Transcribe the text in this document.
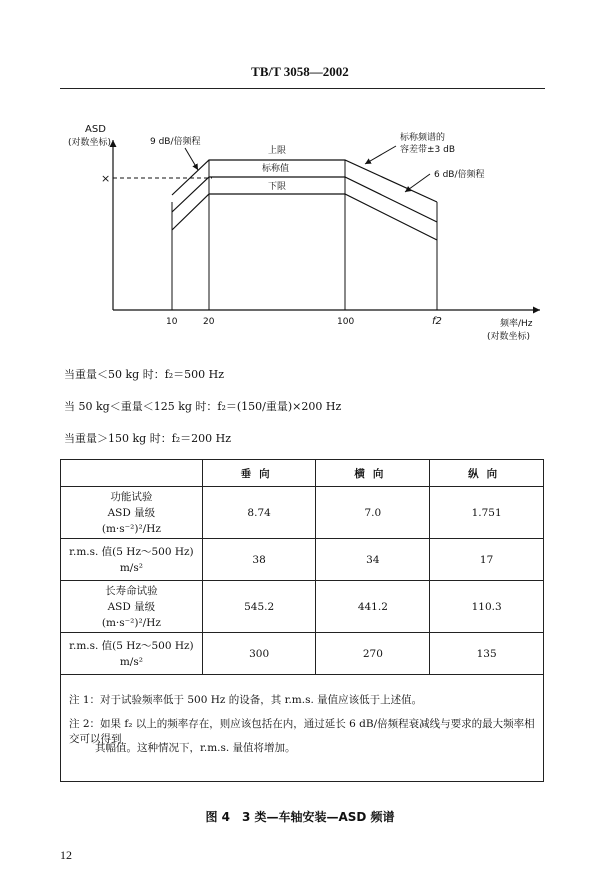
TB/T 3058—2002
ASD
(对数坐标)
频率/Hz
(对数坐标)
10	20	100	f2
×
上限
标称值
下限
9 dB/倍频程	标称频谱的
容差带±3 dB
6 dB/倍频程
当重量＜50 kg 时：f₂＝500 Hz
当 50 kg＜重量＜125 kg 时：f₂＝(150/重量)×200 Hz
当重量＞150 kg 时：f₂＝200 Hz
	垂向	横向	纵向

功能试验
ASD 量级
(m·s⁻²)²/Hz	8.74	7.0	1.751

r.m.s. 值(5 Hz～500 Hz)
m/s²	38	34	17

长寿命试验
ASD 量级
(m·s⁻²)²/Hz	545.2	441.2	110.3

r.m.s. 值(5 Hz～500 Hz)
m/s²	300	270	135
注 1：对于试验频率低于 500 Hz 的设备，其 r.m.s. 量值应该低于上述值。
注 2：如果 f₂ 以上的频率存在，则应该包括在内，通过延长 6 dB/倍频程衰减线与要求的最大频率相交可以得到
其幅值。这种情况下，r.m.s. 量值将增加。
图 4　3 类—车轴安装—ASD 频谱
12
